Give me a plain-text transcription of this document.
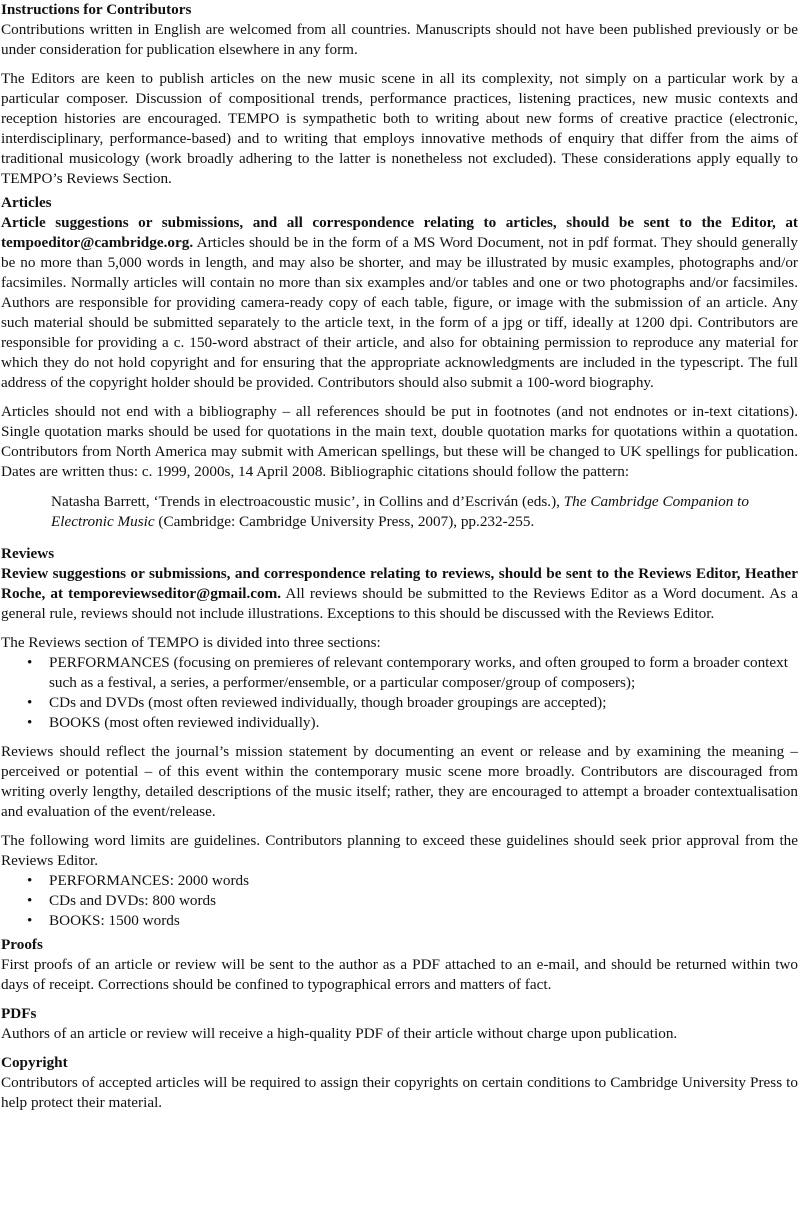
Instructions for Contributors

Contributions written in English are welcomed from all countries. Manuscripts should not have been published previously or be under consideration for publication elsewhere in any form.

The Editors are keen to publish articles on the new music scene in all its complexity, not simply on a particular work by a particular composer. Discussion of compositional trends, performance practices, listening practices, new music contexts and reception histories are encouraged. TEMPO is sympathetic both to writing about new forms of creative practice (electronic, interdisciplinary, performance-based) and to writing that employs innovative methods of enquiry that differ from the aims of traditional musicology (work broadly adhering to the latter is nonetheless not excluded). These considerations apply equally to TEMPO’s Reviews Section.

Articles

Article suggestions or submissions, and all correspondence relating to articles, should be sent to the Editor, at tempoeditor@cambridge.org. Articles should be in the form of a MS Word Document, not in pdf format. They should generally be no more than 5,000 words in length, and may also be shorter, and may be illustrated by music examples, photographs and/or facsimiles. Normally articles will contain no more than six examples and/or tables and one or two photographs and/or facsimiles. Authors are responsible for providing camera-ready copy of each table, figure, or image with the submission of an article. Any such material should be submitted separately to the article text, in the form of a jpg or tiff, ideally at 1200 dpi. Contributors are responsible for providing a c. 150-word abstract of their article, and also for obtaining permission to reproduce any material for which they do not hold copyright and for ensuring that the appropriate acknowledgments are included in the typescript. The full address of the copyright holder should be provided. Contributors should also submit a 100-word biography.

Articles should not end with a bibliography – all references should be put in footnotes (and not endnotes or in-text citations). Single quotation marks should be used for quotations in the main text, double quotation marks for quotations within a quotation. Contributors from North America may submit with American spellings, but these will be changed to UK spellings for publication. Dates are written thus: c. 1999, 2000s, 14 April 2008. Bibliographic citations should follow the pattern:

Natasha Barrett, ‘Trends in electroacoustic music’, in Collins and d’Escriván (eds.), The Cambridge Companion to Electronic Music (Cambridge: Cambridge University Press, 2007), pp.232-255.

Reviews

Review suggestions or submissions, and correspondence relating to reviews, should be sent to the Reviews Editor, Heather Roche, at temporeviewseditor@gmail.com. All reviews should be submitted to the Reviews Editor as a Word document. As a general rule, reviews should not include illustrations. Exceptions to this should be discussed with the Reviews Editor.

The Reviews section of TEMPO is divided into three sections:

• PERFORMANCES (focusing on premieres of relevant contemporary works, and often grouped to form a broader context such as a festival, a series, a performer/ensemble, or a particular composer/group of composers);
• CDs and DVDs (most often reviewed individually, though broader groupings are accepted);
• BOOKS (most often reviewed individually).

Reviews should reflect the journal’s mission statement by documenting an event or release and by examining the meaning – perceived or potential – of this event within the contemporary music scene more broadly. Contributors are discouraged from writing overly lengthy, detailed descriptions of the music itself; rather, they are encouraged to attempt a broader contextualisation and evaluation of the event/release.

The following word limits are guidelines. Contributors planning to exceed these guidelines should seek prior approval from the Reviews Editor.

• PERFORMANCES: 2000 words
• CDs and DVDs: 800 words
• BOOKS: 1500 words
Proofs

First proofs of an article or review will be sent to the author as a PDF attached to an e-mail, and should be returned within two days of receipt. Corrections should be confined to typographical errors and matters of fact.

PDFs

Authors of an article or review will receive a high-quality PDF of their article without charge upon publication.

Copyright

Contributors of accepted articles will be required to assign their copyrights on certain conditions to Cambridge University Press to help protect their material.
